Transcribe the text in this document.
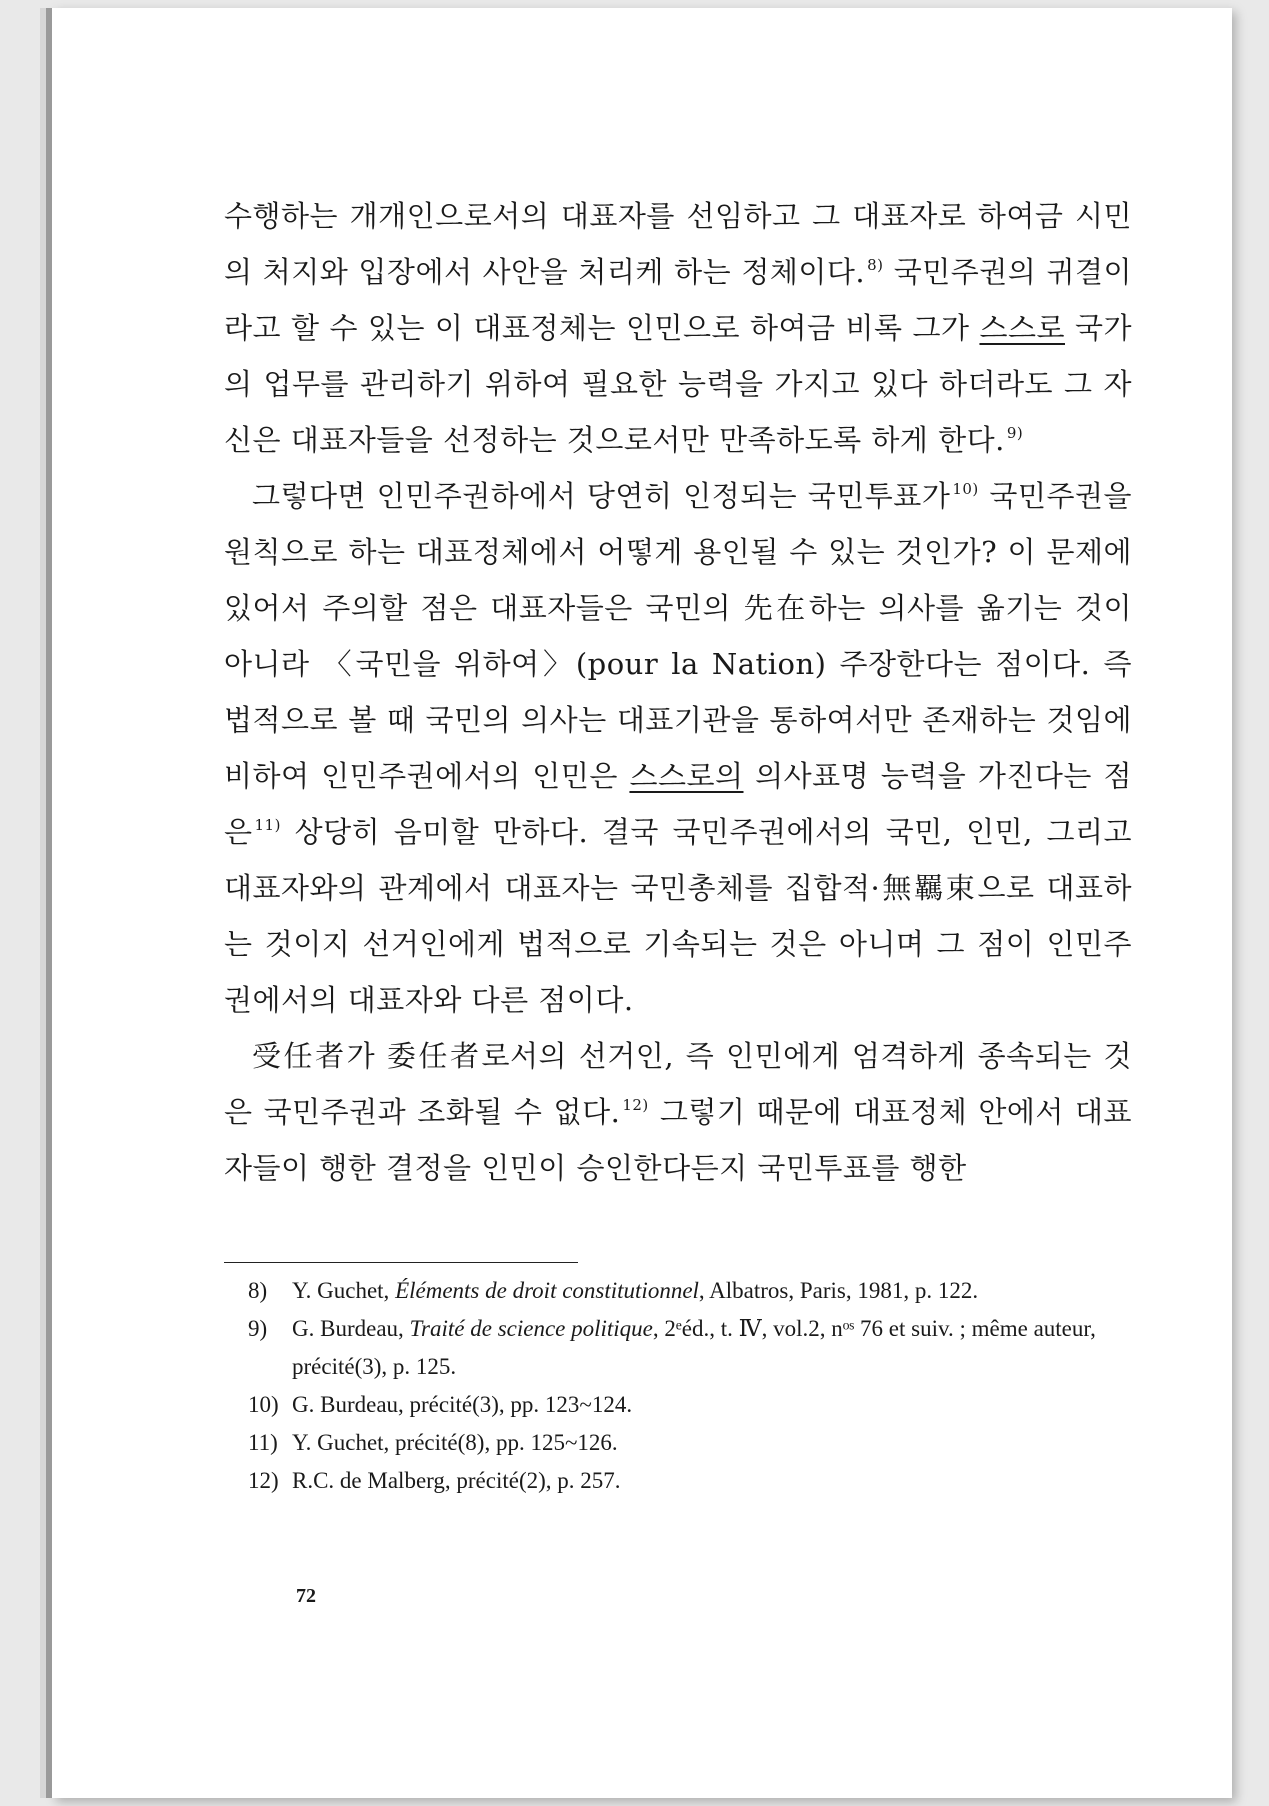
수행하는 개개인으로서의 대표자를 선임하고 그 대표자로 하여금 시민의 처지와 입장에서 사안을 처리케 하는 정체이다. $^{8)}$ 국민주권의 귀결이라고 할 수 있는 이 대표정체는 인민으로 하여금 비록 그가 스스로 국가의 업무를 관리하기 위하여 필요한 능력을 가지고 있다 하더라도 그 자신은 대표자들을 선정하는 것으로서만 만족하도록 하게 한다. $^{9)}$

그렇다면 인민주권하에서 당연히 인정되는 국민투표가 $^{10)}$ 국민주권을 원칙으로 하는 대표정체에서 어떻게 용인될 수 있는 것인가? 이 문제에 있어서 주의할 점은 대표자들은 국민의 先在하는 의사를 옮기는 것이 아니라 〈국민을 위하여〉(pour la Nation) 주장한다는 점이다. 즉 법적으로 볼 때 국민의 의사는 대표기관을 통하여서만 존재하는 것임에 비하여 인민주권에서의 인민은 스스로의 의사표명 능력을 가진다는 점은 $^{11)}$ 상당히 음미할 만하다. 결국 국민주권에서의 국민, 인민, 그리고 대표자와의 관계에서 대표자는 국민총체를 집합적·無羈束으로 대표하는 것이지 선거인에게 법적으로 기속되는 것은 아니며 그 점이 인민주권에서의 대표자와 다른 점이다.

受任者가 委任者로서의 선거인, 즉 인민에게 엄격하게 종속되는 것은 국민주권과 조화될 수 없다. $^{12)}$ 그렇기 때문에 대표정체 안에서 대표자들이 행한 결정을 인민이 승인한다든지 국민투표를 행한

8)	Y. Guchet, Éléments de droit constitutionnel, Albatros, Paris, 1981, p. 122.
9)	G. Burdeau, Traité de science politique, 2ᵉéd., t. Ⅳ, vol.2, nᵒˢ 76 et suiv. ; même auteur, précité(3), p. 125.
10) G. Burdeau, précité(3), pp. 123~124.
11) Y. Guchet, précité(8), pp. 125~126.
12) R.C. de Malberg, précité(2), p. 257.
72
